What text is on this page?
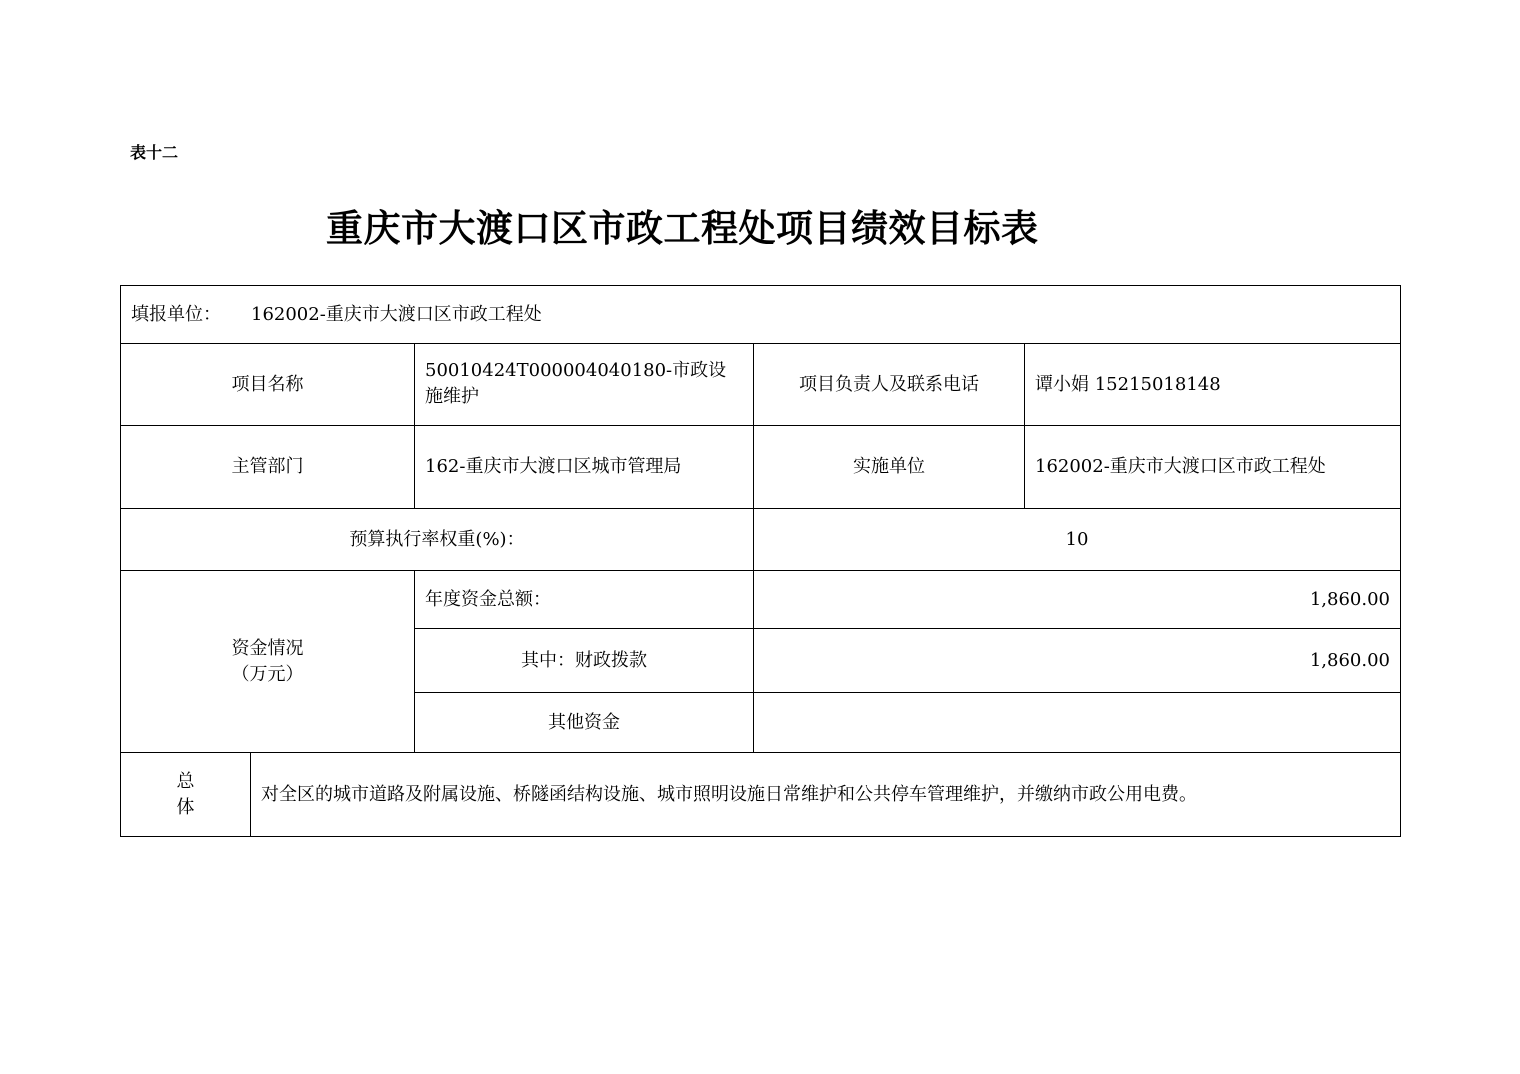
表十二
重庆市大渡口区市政工程处项目绩效目标表
填报单位： 162002-重庆市大渡口区市政工程处				
项目名称		50010424T000004040180-市政设施维护	项目负责人及联系电话	谭小娟 15215018148
主管部门		162-重庆市大渡口区城市管理局	实施单位	162002-重庆市大渡口区市政工程处
预算执行率权重(%)：			10	

资金情况
（万元）		年度资金总额：	1,860.00	
		其中：财政拨款	1,860.00	
		其他资金		

总
体	对全区的城市道路及附属设施、桥隧函结构设施、城市照明设施日常维护和公共停车管理维护，并缴纳市政公用电费。			
